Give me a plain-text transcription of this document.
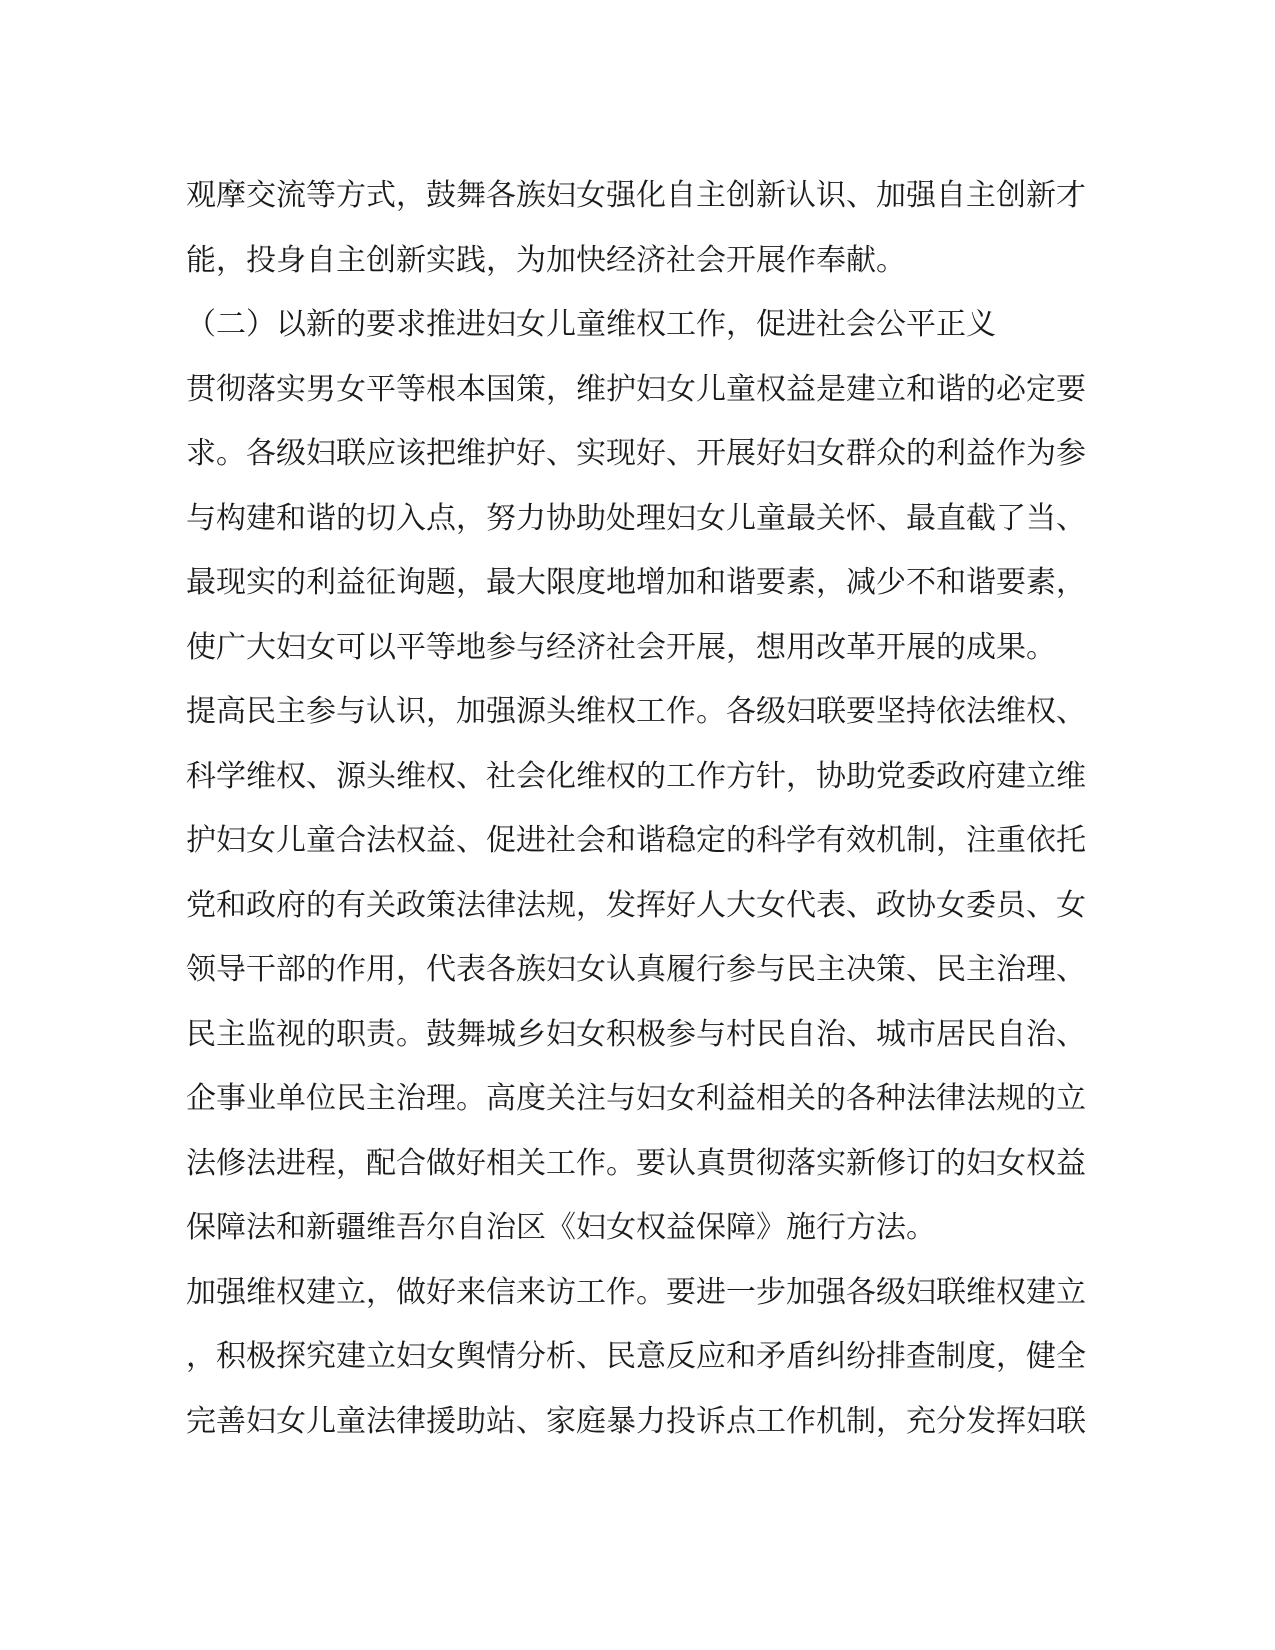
观摩交流等方式，鼓舞各族妇女强化自主创新认识、加强自主创新才

能，投身自主创新实践，为加快经济社会开展作奉献。

（二）以新的要求推进妇女儿童维权工作，促进社会公平正义

贯彻落实男女平等根本国策，维护妇女儿童权益是建立和谐的必定要

求。各级妇联应该把维护好、实现好、开展好妇女群众的利益作为参

与构建和谐的切入点，努力协助处理妇女儿童最关怀、最直截了当、

最现实的利益征询题，最大限度地增加和谐要素，减少不和谐要素，

使广大妇女可以平等地参与经济社会开展，想用改革开展的成果。

提高民主参与认识，加强源头维权工作。各级妇联要坚持依法维权、

科学维权、源头维权、社会化维权的工作方针，协助党委政府建立维

护妇女儿童合法权益、促进社会和谐稳定的科学有效机制，注重依托

党和政府的有关政策法律法规，发挥好人大女代表、政协女委员、女

领导干部的作用，代表各族妇女认真履行参与民主决策、民主治理、

民主监视的职责。鼓舞城乡妇女积极参与村民自治、城市居民自治、

企事业单位民主治理。高度关注与妇女利益相关的各种法律法规的立

法修法进程，配合做好相关工作。要认真贯彻落实新修订的妇女权益

保障法和新疆维吾尔自治区《妇女权益保障》施行方法。

加强维权建立，做好来信来访工作。要进一步加强各级妇联维权建立

，积极探究建立妇女舆情分析、民意反应和矛盾纠纷排查制度，健全

完善妇女儿童法律援助站、家庭暴力投诉点工作机制，充分发挥妇联
